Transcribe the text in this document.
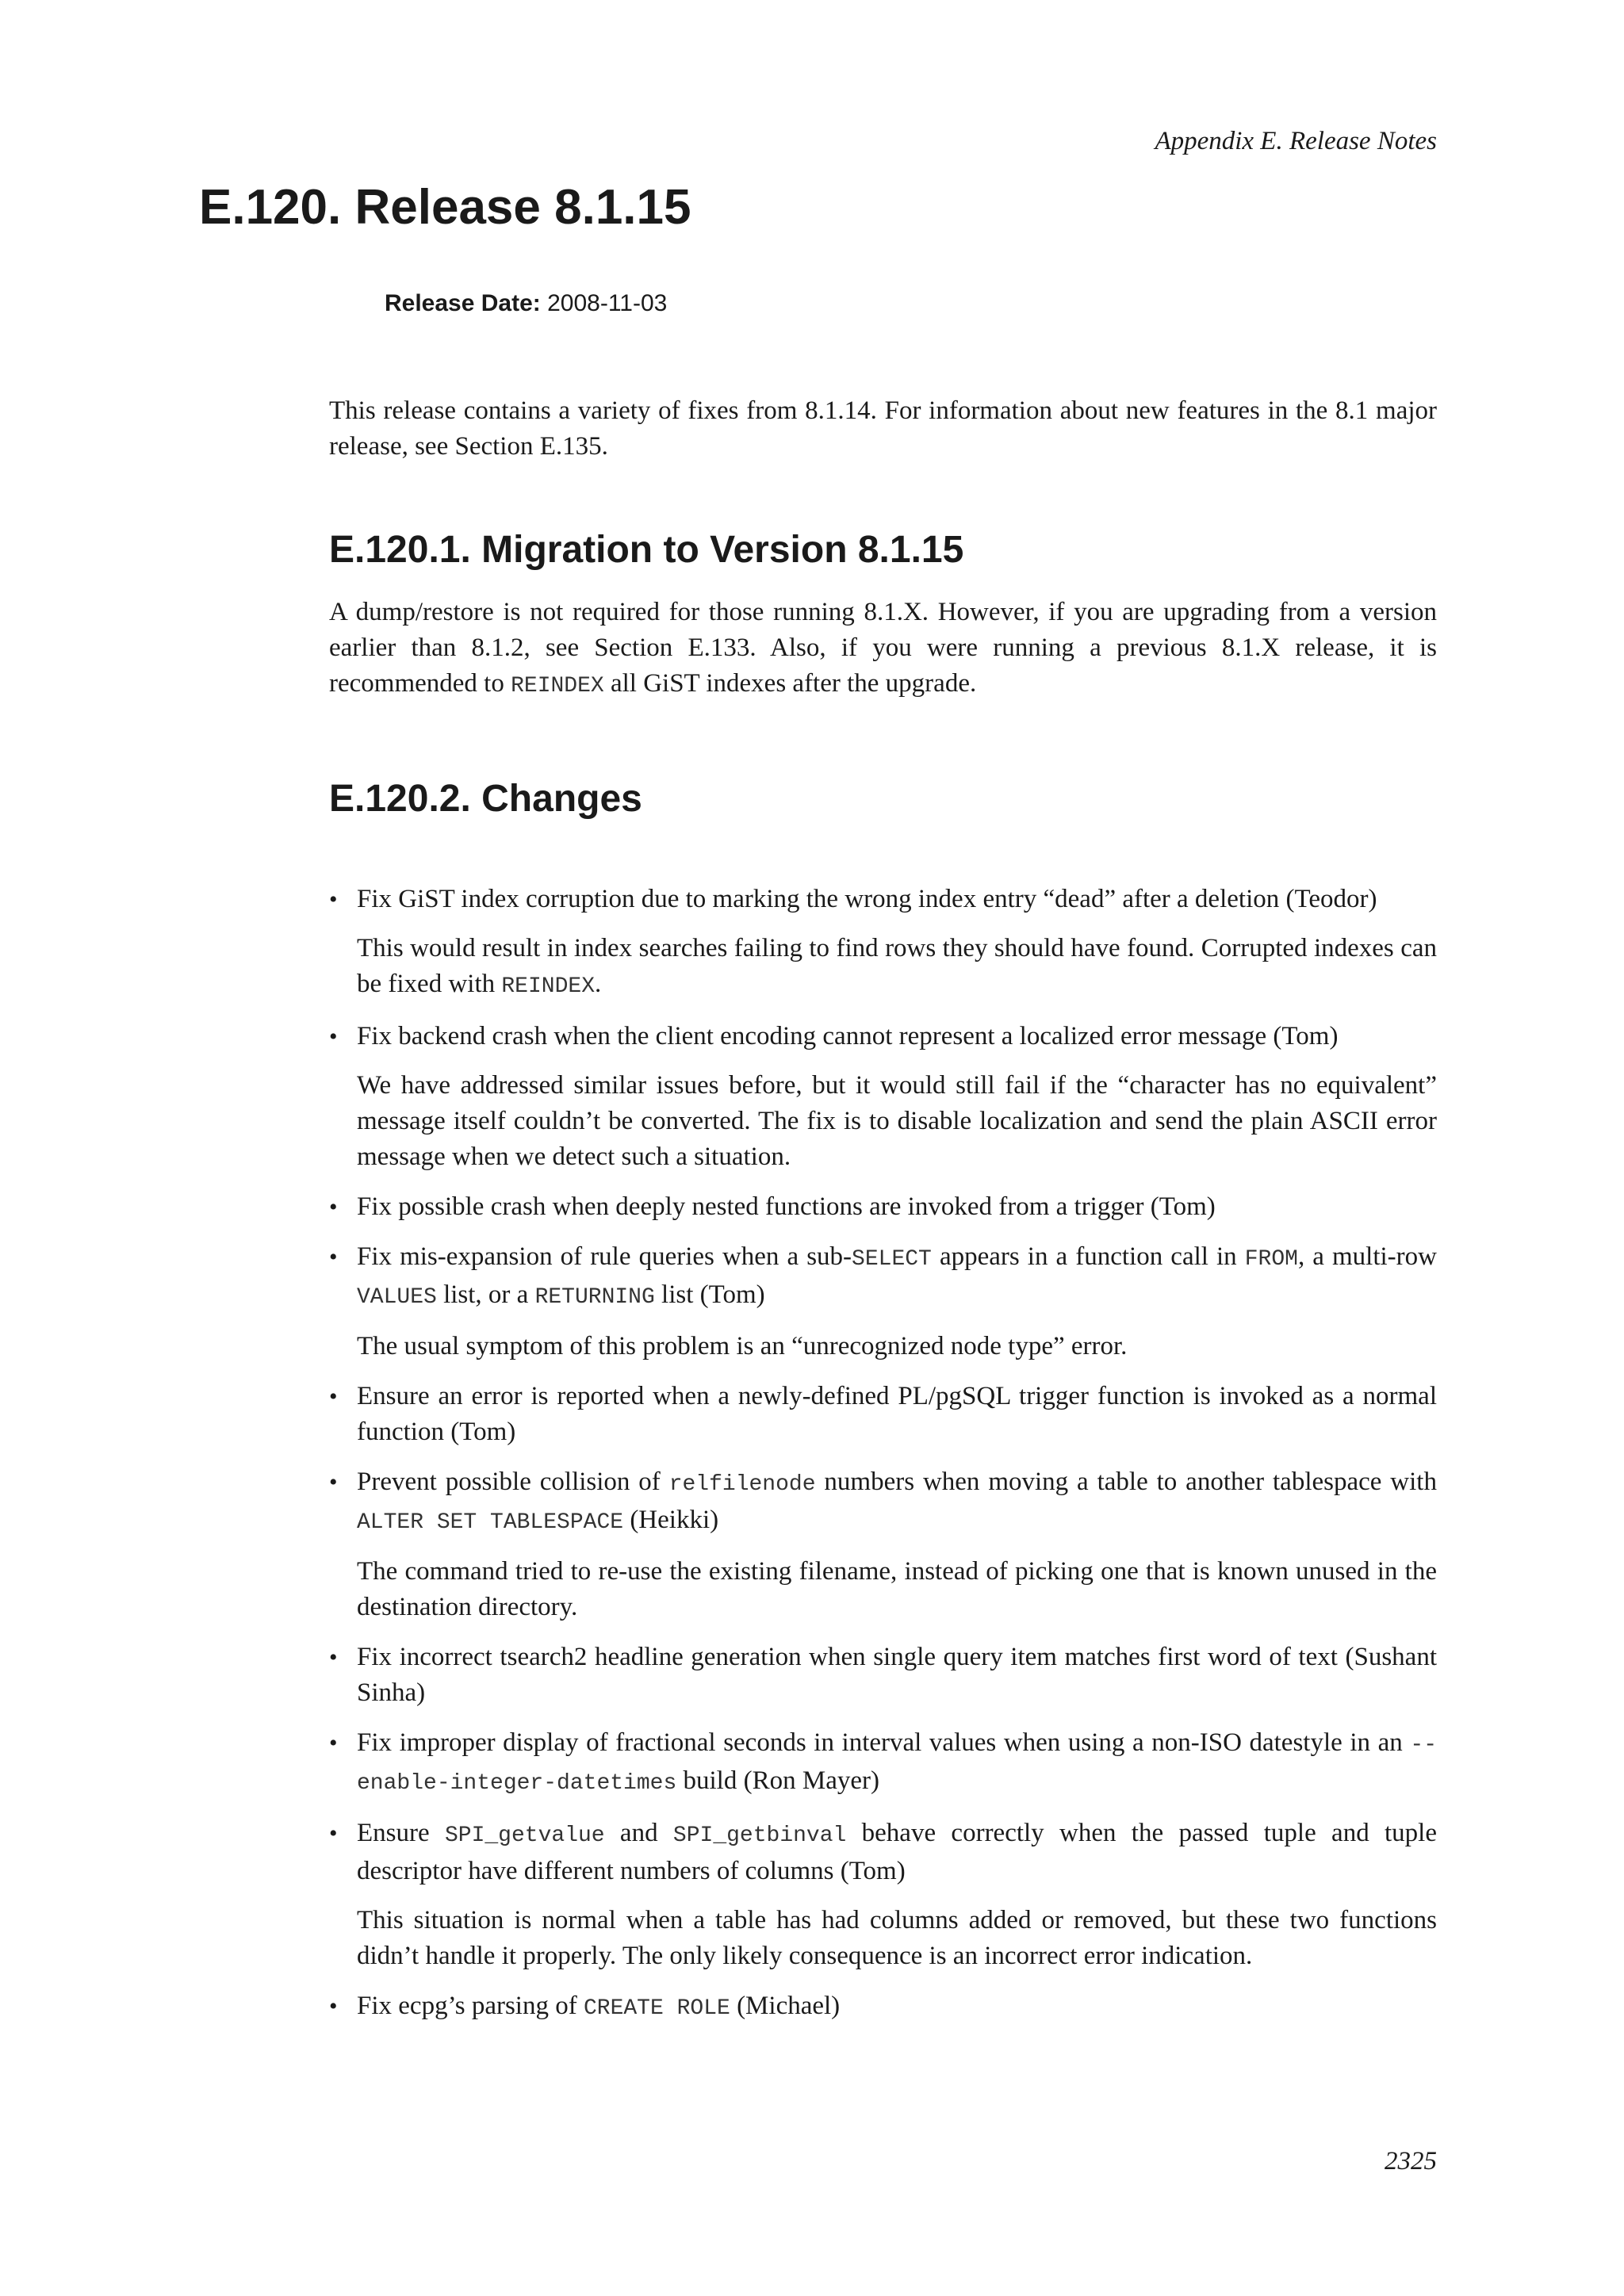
Appendix E. Release Notes
E.120. Release 8.1.15
Release Date: 2008-11-03

This release contains a variety of fixes from 8.1.14. For information about new features in the 8.1 major release, see Section E.135.

E.120.1. Migration to Version 8.1.15

A dump/restore is not required for those running 8.1.X. However, if you are upgrading from a version earlier than 8.1.2, see Section E.133. Also, if you were running a previous 8.1.X release, it is recommended to REINDEX all GiST indexes after the upgrade.

E.120.2. Changes
• Fix GiST index corruption due to marking the wrong index entry “dead” after a deletion (Teodor)

This would result in index searches failing to find rows they should have found. Corrupted indexes can be fixed with REINDEX.

• Fix backend crash when the client encoding cannot represent a localized error message (Tom)

We have addressed similar issues before, but it would still fail if the “character has no equivalent” message itself couldn’t be converted. The fix is to disable localization and send the plain ASCII error message when we detect such a situation.

• Fix possible crash when deeply nested functions are invoked from a trigger (Tom)

• Fix mis-expansion of rule queries when a sub-SELECT appears in a function call in FROM, a multi-row VALUES list, or a RETURNING list (Tom)

The usual symptom of this problem is an “unrecognized node type” error.

• Ensure an error is reported when a newly-defined PL/pgSQL trigger function is invoked as a normal function (Tom)

• Prevent possible collision of relfilenode numbers when moving a table to another tablespace with ALTER SET TABLESPACE (Heikki)

The command tried to re-use the existing filename, instead of picking one that is known unused in the destination directory.

• Fix incorrect tsearch2 headline generation when single query item matches first word of text (Sushant Sinha)

• Fix improper display of fractional seconds in interval values when using a non-ISO datestyle in an --enable-integer-datetimes build (Ron Mayer)

• Ensure SPI_getvalue and SPI_getbinval behave correctly when the passed tuple and tuple descriptor have different numbers of columns (Tom)

This situation is normal when a table has had columns added or removed, but these two functions didn’t handle it properly. The only likely consequence is an incorrect error indication.

• Fix ecpg’s parsing of CREATE ROLE (Michael)

2325
